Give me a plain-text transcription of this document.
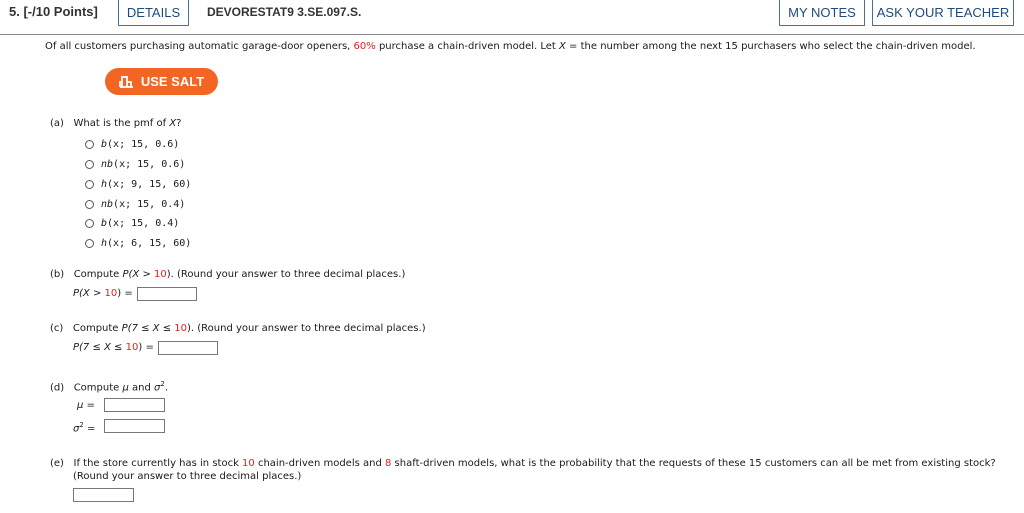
5. [-/10 Points]	DETAILS	DEVORESTAT9 3.SE.097.S.	MY NOTES	ASK YOUR TEACHER
Of all customers purchasing automatic garage-door openers, 60% purchase a chain-driven model. Let X = the number among the next 15 purchasers who select the chain-driven model.
USE SALT
(a) What is the pmf of X?
b(x; 15, 0.6)
nb(x; 15, 0.6)
h(x; 9, 15, 60)
nb(x; 15, 0.4)
b(x; 15, 0.4)
h(x; 6, 15, 60)
(b) Compute P(X > 10). (Round your answer to three decimal places.)
P(X > 10) =
(c) Compute P(7 ≤ X ≤ 10). (Round your answer to three decimal places.)
P(7 ≤ X ≤ 10) =
(d) Compute μ and $\sigma^2$.
μ =
$\sigma^2$ =
(e) If the store currently has in stock 10 chain-driven models and 8 shaft-driven models, what is the probability that the requests of these 15 customers can all be met from existing stock?
(Round your answer to three decimal places.)
